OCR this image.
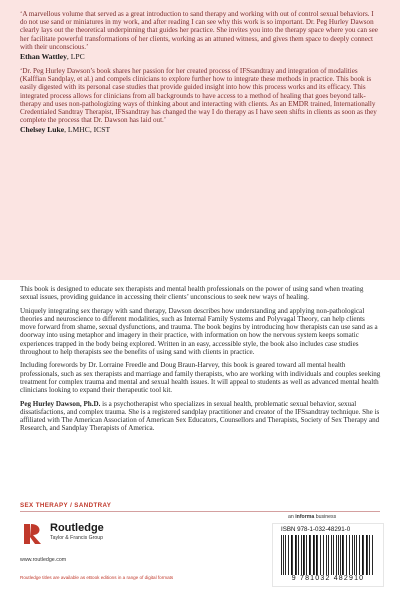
‘A marvellous volume that served as a great introduction to sand therapy and working with out of control sexual behaviors. I do not use sand or miniatures in my work, and after reading I can see why this work is so important. Dr. Peg Hurley Dawson clearly lays out the theoretical underpinning that guides her practice. She invites you into the therapy space where you can see her facilitate powerful transformations of her clients, working as an attuned witness, and gives them space to deeply connect with their unconscious.’

Ethan Wattley, LPC

‘Dr. Peg Hurley Dawson’s book shares her passion for her created process of IFSsandtray and integration of modalities (Kalffian Sandplay, et al.) and compels clinicians to explore further how to integrate these methods in practice. This book is easily digested with its personal case studies that provide guided insight into how this process works and its efficacy. This integrated process allows for clinicians from all backgrounds to have access to a method of healing that goes beyond talk-therapy and uses non-pathologizing ways of thinking about and interacting with clients. As an EMDR trained, Internationally Credentialed Sandtray Therapist, IFSsandtray has changed the way I do therapy as I have seen shifts in clients as soon as they complete the process that Dr. Dawson has laid out.’

Chelsey Luke, LMHC, ICST

This book is designed to educate sex therapists and mental health professionals on the power of using sand when treating sexual issues, providing guidance in accessing their clients’ unconscious to seek new ways of healing.

Uniquely integrating sex therapy with sand therapy, Dawson describes how understanding and applying non-pathological theories and neuroscience to different modalities, such as Internal Family Systems and Polyvagal Theory, can help clients move forward from shame, sexual dysfunctions, and trauma. The book begins by introducing how therapists can use sand as a doorway into using metaphor and imagery in their practice, with information on how the nervous system keeps somatic experiences trapped in the body being explored. Written in an easy, accessible style, the book also includes case studies throughout to help therapists see the benefits of using sand with clients in practice.

Including forewords by Dr. Lorraine Freedle and Doug Braun-Harvey, this book is geared toward all mental health professionals, such as sex therapists and marriage and family therapists, who are working with individuals and couples seeking treatment for complex trauma and mental and sexual health issues. It will appeal to students as well as advanced mental health clinicians looking to expand their therapeutic tool kit.

Peg Hurley Dawson, Ph.D. is a psychotherapist who specializes in sexual health, problematic sexual behavior, sexual dissatisfactions, and complex trauma. She is a registered sandplay practitioner and creator of the IFSsandtray technique. She is affiliated with The American Association of American Sex Educators, Counsellors and Therapists, Society of Sex Therapy and Research, and Sandplay Therapists of America.

SEX THERAPY / SANDTRAY
Routledge
Taylor & Francis Group
www.routledge.com
Routledge titles are available as eBook editions in a range of digital formats
an informa business
ISBN 978-1-032-48291-0
9 781032 482910
